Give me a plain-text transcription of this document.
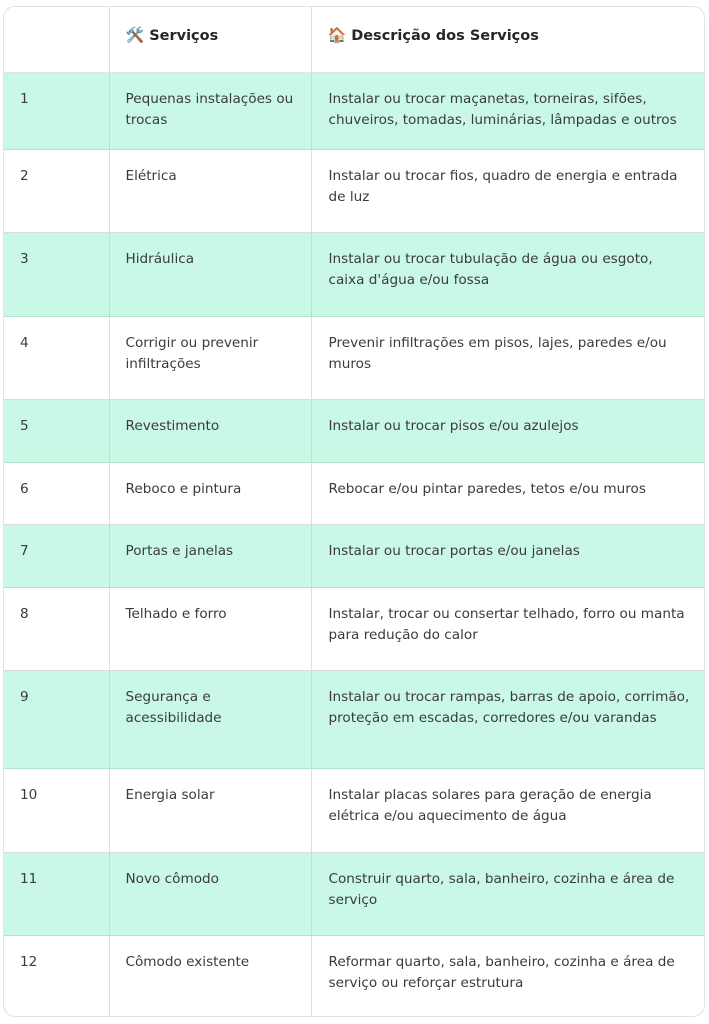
	🛠️ Serviços	🏠 Descrição dos Serviços
1	Pequenas instalações ou trocas	Instalar ou trocar maçanetas, torneiras, sifões, chuveiros, tomadas, luminárias, lâmpadas e outros
2	Elétrica	Instalar ou trocar fios, quadro de energia e entrada de luz
3	Hidráulica	Instalar ou trocar tubulação de água ou esgoto, caixa d'água e/ou fossa
4	Corrigir ou prevenir infiltrações	Prevenir infiltrações em pisos, lajes, paredes e/ou muros
5	Revestimento	Instalar ou trocar pisos e/ou azulejos
6	Reboco e pintura	Rebocar e/ou pintar paredes, tetos e/ou muros
7	Portas e janelas	Instalar ou trocar portas e/ou janelas
8	Telhado e forro	Instalar, trocar ou consertar telhado, forro ou manta para redução do calor
9	Segurança e acessibilidade	Instalar ou trocar rampas, barras de apoio, corrimão, proteção em escadas, corredores e/ou varandas
10	Energia solar	Instalar placas solares para geração de energia elétrica e/ou aquecimento de água
11	Novo cômodo	Construir quarto, sala, banheiro, cozinha e área de serviço
12	Cômodo existente	Reformar quarto, sala, banheiro, cozinha e área de serviço ou reforçar estrutura
